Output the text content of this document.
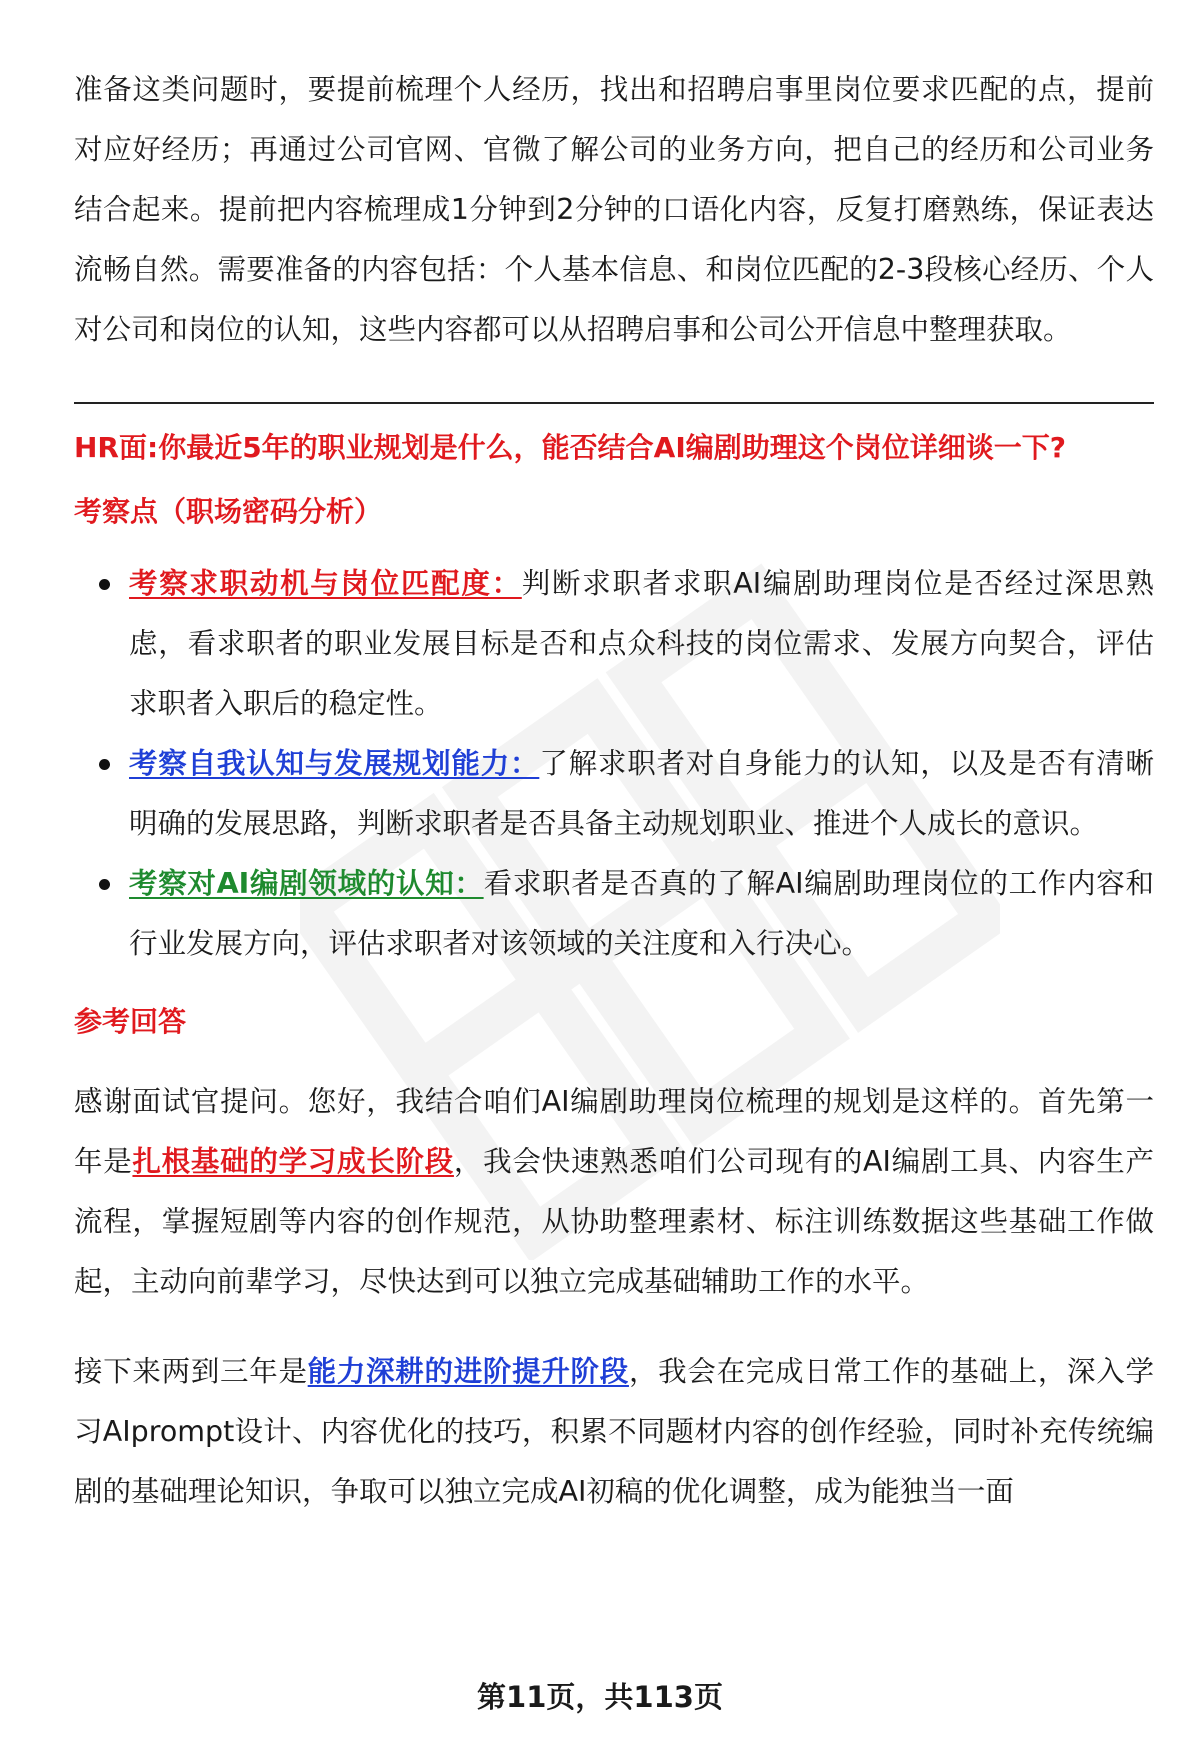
准备这类问题时，要提前梳理个人经历，找出和招聘启事里岗位要求匹配的点，提前对应好经历；再通过公司官网、官微了解公司的业务方向，把自己的经历和公司业务结合起来。提前把内容梳理成1分钟到2分钟的口语化内容，反复打磨熟练，保证表达流畅自然。需要准备的内容包括：个人基本信息、和岗位匹配的2-3段核心经历、个人对公司和岗位的认知，这些内容都可以从招聘启事和公司公开信息中整理获取。

HR面:你最近5年的职业规划是什么，能否结合AI编剧助理这个岗位详细谈一下?

考察点（职场密码分析）

考察求职动机与岗位匹配度：判断求职者求职AI编剧助理岗位是否经过深思熟虑，看求职者的职业发展目标是否和点众科技的岗位需求、发展方向契合，评估求职者入职后的稳定性。
考察自我认知与发展规划能力：了解求职者对自身能力的认知，以及是否有清晰明确的发展思路，判断求职者是否具备主动规划职业、推进个人成长的意识。
考察对AI编剧领域的认知：看求职者是否真的了解AI编剧助理岗位的工作内容和行业发展方向，评估求职者对该领域的关注度和入行决心。

参考回答

感谢面试官提问。您好，我结合咱们AI编剧助理岗位梳理的规划是这样的。首先第一年是扎根基础的学习成长阶段，我会快速熟悉咱们公司现有的AI编剧工具、内容生产流程，掌握短剧等内容的创作规范，从协助整理素材、标注训练数据这些基础工作做起，主动向前辈学习，尽快达到可以独立完成基础辅助工作的水平。

接下来两到三年是能力深耕的进阶提升阶段，我会在完成日常工作的基础上，深入学习AIprompt设计、内容优化的技巧，积累不同题材内容的创作经验，同时补充传统编剧的基础理论知识，争取可以独立完成AI初稿的优化调整，成为能独当一面

第11页，共113页
